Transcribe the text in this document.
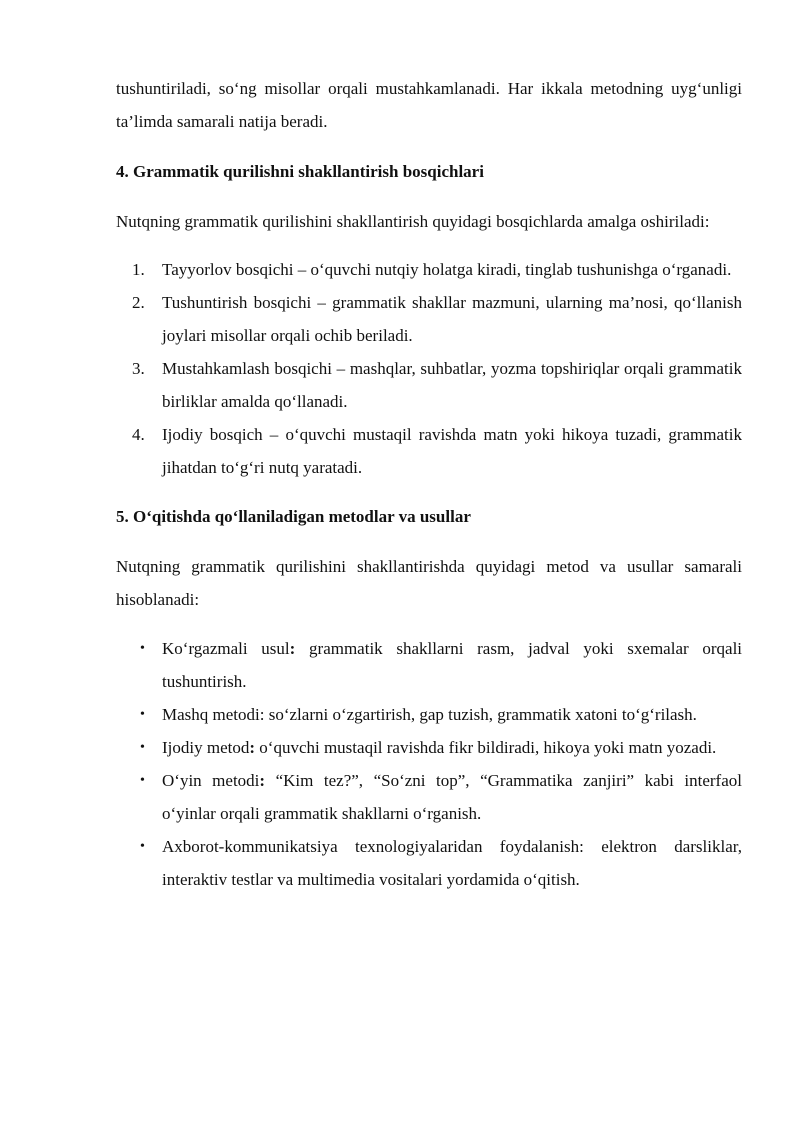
tushuntiriladi, so‘ng misollar orqali mustahkamlanadi. Har ikkala metodning uyg‘unligi ta’limda samarali natija beradi.

4. Grammatik qurilishni shakllantirish bosqichlari

Nutqning grammatik qurilishini shakllantirish quyidagi bosqichlarda amalga oshiriladi:

1. Tayyorlov bosqichi – o‘quvchi nutqiy holatga kiradi, tinglab tushunishga o‘rganadi.
2. Tushuntirish bosqichi – grammatik shakllar mazmuni, ularning ma’nosi, qo‘llanish joylari misollar orqali ochib beriladi.
3. Mustahkamlash bosqichi – mashqlar, suhbatlar, yozma topshiriqlar orqali grammatik birliklar amalda qo‘llanadi.
4. Ijodiy bosqich – o‘quvchi mustaqil ravishda matn yoki hikoya tuzadi, grammatik jihatdan to‘g‘ri nutq yaratadi.

5. O‘qitishda qo‘llaniladigan metodlar va usullar

Nutqning grammatik qurilishini shakllantirishda quyidagi metod va usullar samarali hisoblanadi:

• Ko‘rgazmali usul: grammatik shakllarni rasm, jadval yoki sxemalar orqali tushuntirish.
• Mashq metodi: so‘zlarni o‘zgartirish, gap tuzish, grammatik xatoni to‘g‘rilash.
• Ijodiy metod: o‘quvchi mustaqil ravishda fikr bildiradi, hikoya yoki matn yozadi.
• O‘yin metodi: “Kim tez?”, “So‘zni top”, “Grammatika zanjiri” kabi interfaol o‘yinlar orqali grammatik shakllarni o‘rganish.
• Axborot-kommunikatsiya texnologiyalaridan foydalanish: elektron darsliklar, interaktiv testlar va multimedia vositalari yordamida o‘qitish.
